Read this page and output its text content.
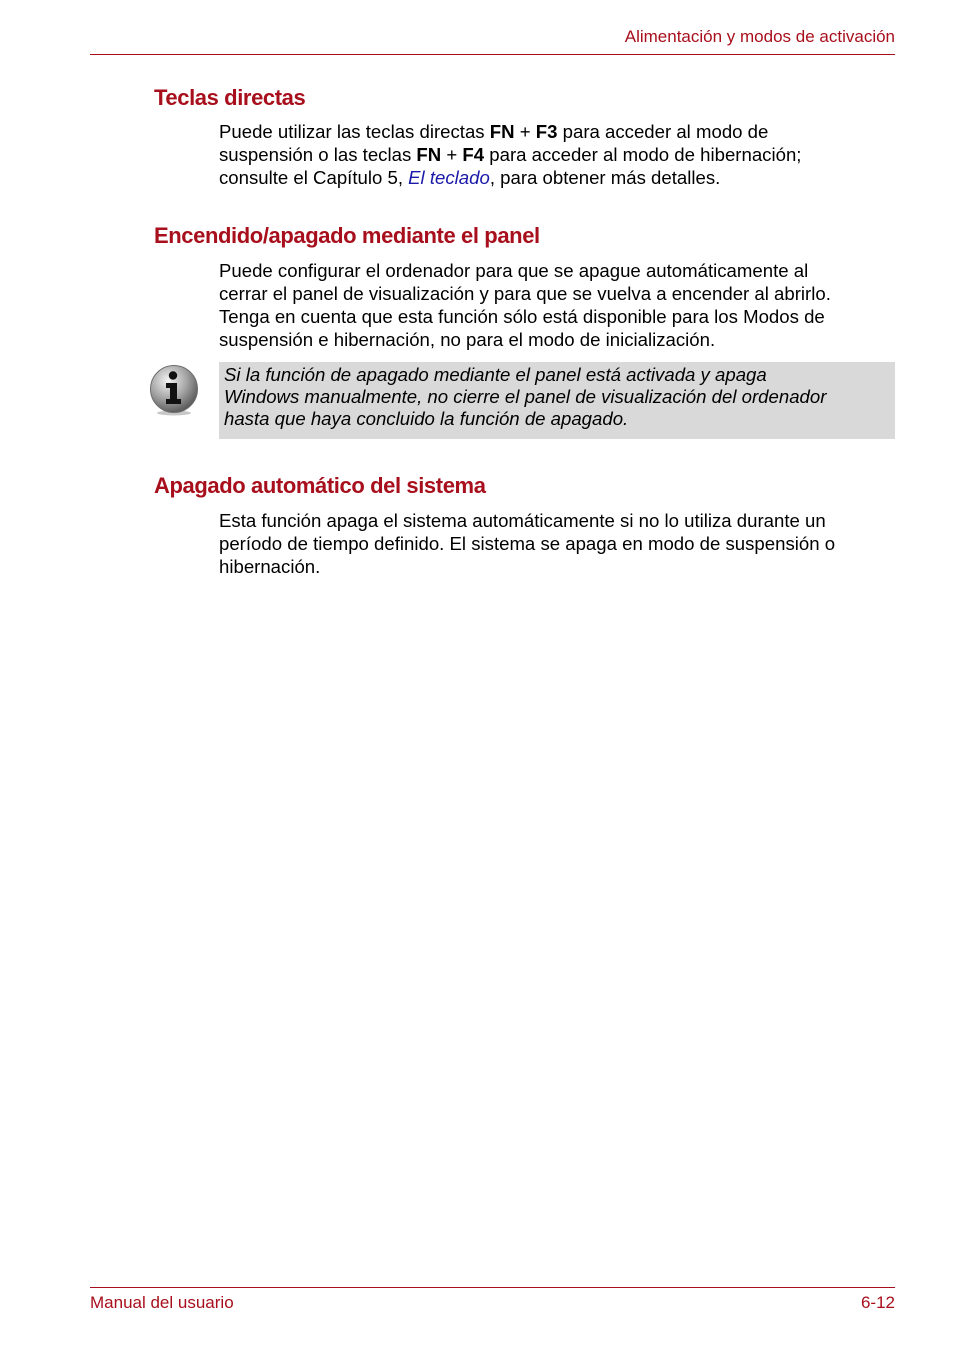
Alimentación y modos de activación
Teclas directas

Puede utilizar las teclas directas FN + F3 para acceder al modo de
suspensión o las teclas FN + F4 para acceder al modo de hibernación;
consulte el Capítulo 5, El teclado, para obtener más detalles.

Encendido/apagado mediante el panel

Puede configurar el ordenador para que se apague automáticamente al
cerrar el panel de visualización y para que se vuelva a encender al abrirlo.
Tenga en cuenta que esta función sólo está disponible para los Modos de
suspensión e hibernación, no para el modo de inicialización.

Si la función de apagado mediante el panel está activada y apaga
Windows manualmente, no cierre el panel de visualización del ordenador
hasta que haya concluido la función de apagado.

Apagado automático del sistema

Esta función apaga el sistema automáticamente si no lo utiliza durante un
período de tiempo definido. El sistema se apaga en modo de suspensión o
hibernación.

Manual del usuario	6-12
